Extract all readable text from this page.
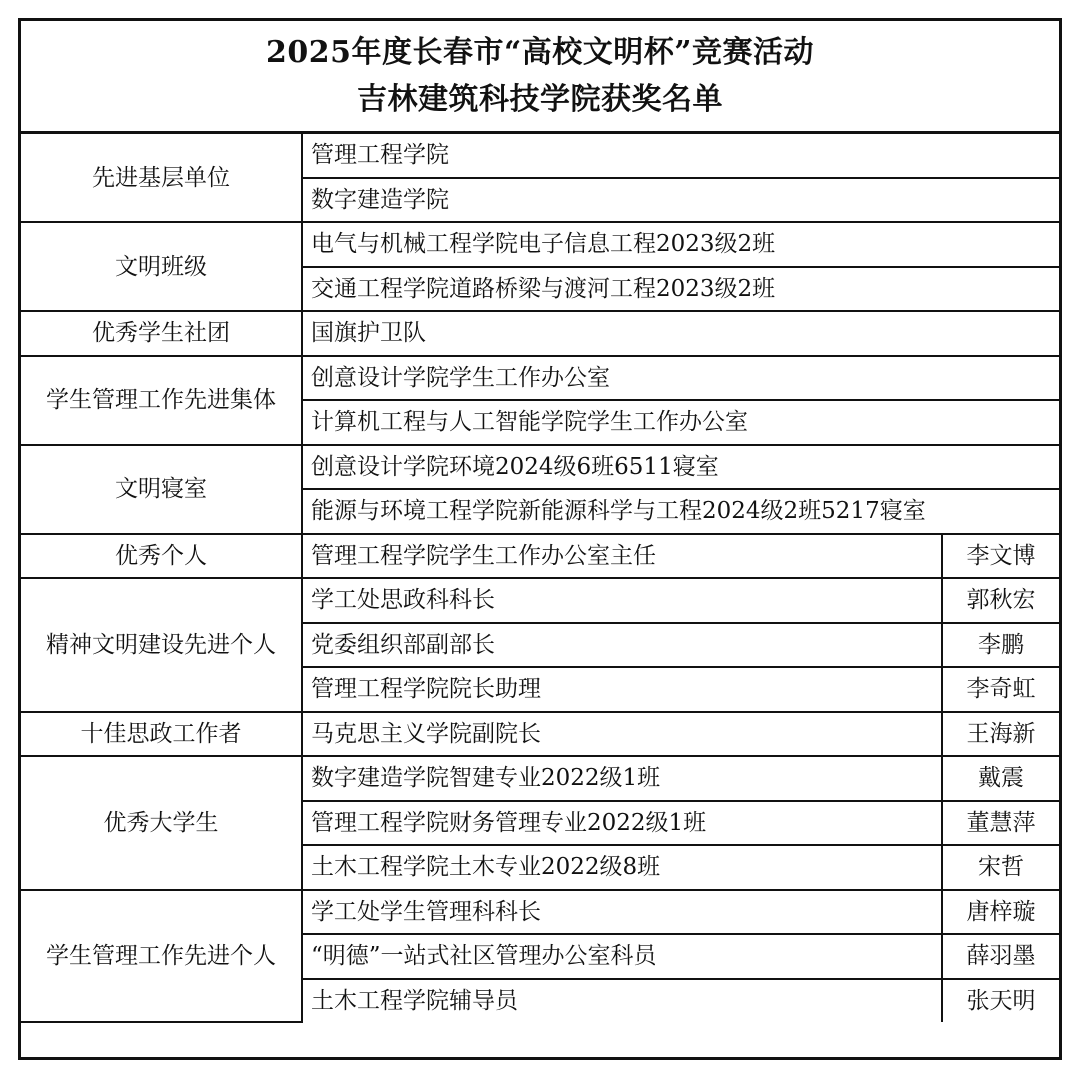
2025年度长春市“高校文明杯”竞赛活动
吉林建筑科技学院获奖名单
先进基层单位	管理工程学院	
	数字建造学院	
文明班级	电气与机械工程学院电子信息工程2023级2班	
	交通工程学院道路桥梁与渡河工程2023级2班	
优秀学生社团	国旗护卫队	
学生管理工作先进集体	创意设计学院学生工作办公室	
	计算机工程与人工智能学院学生工作办公室	
文明寝室	创意设计学院环境2024级6班6511寝室	
	能源与环境工程学院新能源科学与工程2024级2班5217寝室	
优秀个人	管理工程学院学生工作办公室主任	李文博
精神文明建设先进个人	学工处思政科科长	郭秋宏
	党委组织部副部长	李鹏
	管理工程学院院长助理	李奇虹
十佳思政工作者	马克思主义学院副院长	王海新
优秀大学生	数字建造学院智建专业2022级1班	戴震
	管理工程学院财务管理专业2022级1班	董慧萍
	土木工程学院土木专业2022级8班	宋哲
学生管理工作先进个人	学工处学生管理科科长	唐梓璇
	“明德”一站式社区管理办公室科员	薛羽墨
	土木工程学院辅导员	张天明
